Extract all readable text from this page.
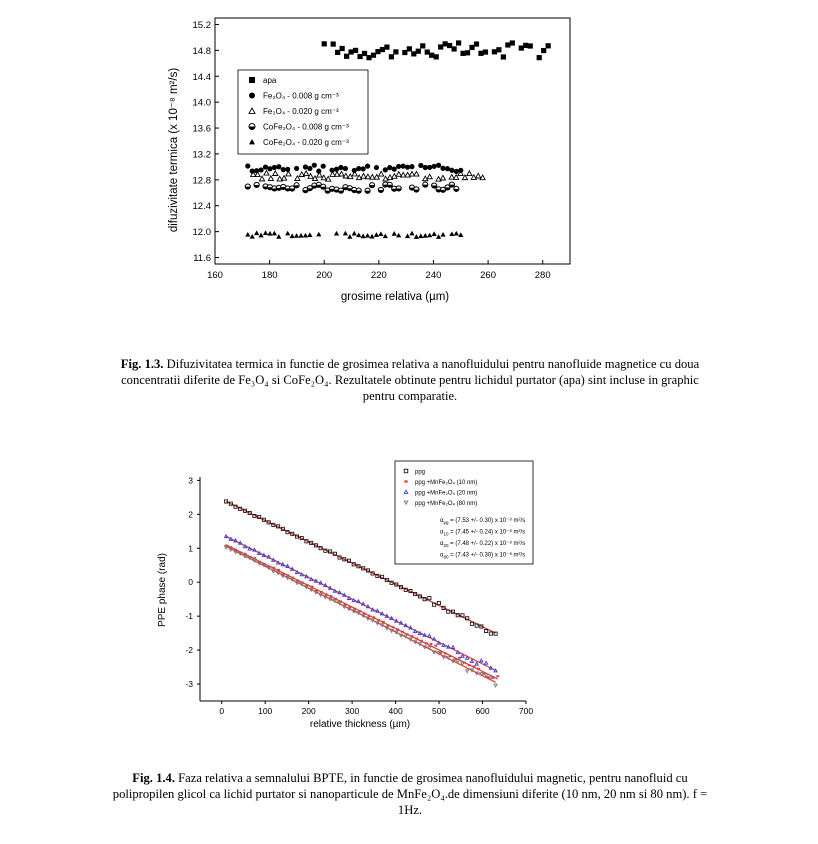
160	180	200	220	240	260	280
11.6
12.0
12.4
12.8
13.2
13.6
14.0
14.4
14.8
15.2
apa
Fe₃O₄ - 0.008 g cm⁻³
Fe₃O₄ - 0.020 g cm⁻³
CoFe₂O₄ - 0.008 g cm⁻³
CoFe₂O₄ - 0.020 g cm⁻³
grosime relativa (µm)
difuzivitate termica (x 10⁻⁸ m²/s)
Fig. 1.3. Difuzivitatea termica in functie de grosimea relativa a nanofluidului pentru nanofluide magnetice cu doua concentratii diferite de Fe₃O₄ si CoFe₂O₄. Rezultatele obtinute pentru lichidul purtator (apa) sint incluse in graphic pentru comparatie.
0	100	200	300	400	500	600	700
-3
-2
-1
0
1
2
3
ppg
ppg +MnFe₂O₄ (10 nm)
ppg +MnFe₂O₄ (20 nm)
ppg +MnFe₂O₄ (80 nm)
$\alpha_{pg} = (7.53$ +/- 0.30) x 10⁻⁸ m²/s
$\alpha_{10} = (7.45$ +/- 0.24) x 10⁻⁸ m²/s
$\alpha_{20} = (7.48$ +/- 0.22) x 10⁻⁸ m²/s
$\alpha_{80} = (7.43$ +/- 0.30) x 10⁻⁸ m²/s
relative thickness (µm)
PPE phase (rad)
Fig. 1.4. Faza relativa a semnalului BPTE, in functie de grosimea nanofluidului magnetic, pentru nanofluid cu polipropilen glicol ca lichid purtator si nanoparticule de MnFe₂O₄.de dimensiuni diferite (10 nm, 20 nm si 80 nm). f = 1Hz.
